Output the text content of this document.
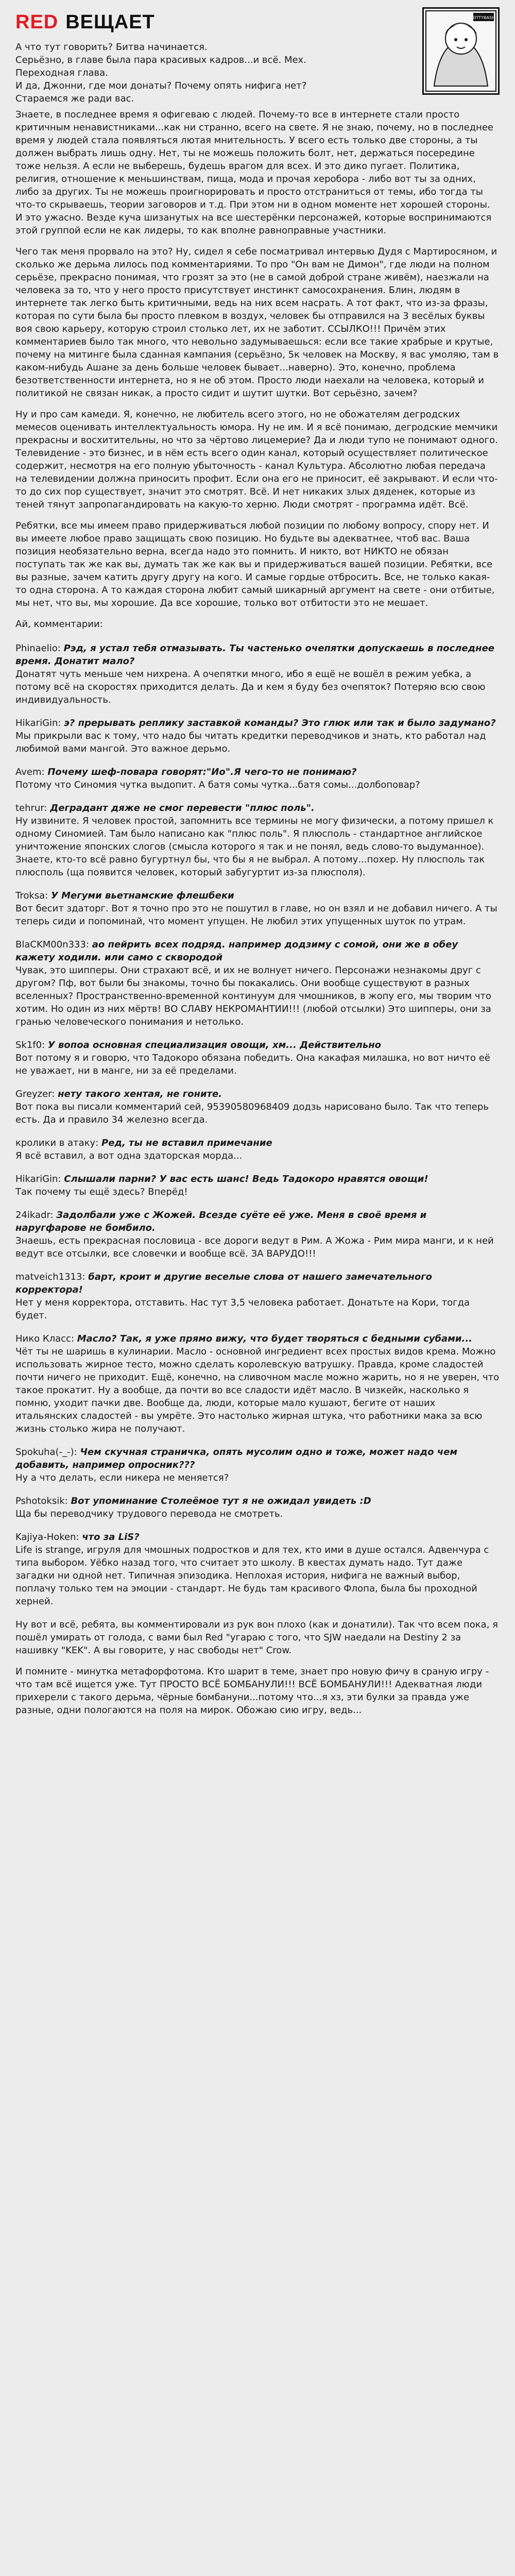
RED ВЕЩАЕТ
А что тут говорить? Битва начинается.
Серьёзно, в главе была пара красивых кадров...и всё. Мех.
Переходная глава.
И да, Джонни, где мои донаты? Почему опять нифига нет?
Стараемся же ради вас.
KITTYBASH

Знаете, в последнее время я офигеваю с людей. Почему-то все в интернете стали просто критичным ненавистниками...как ни странно, всего на свете. Я не знаю, почему, но в последнее время у людей стала появляться лютая мнительность. У всего есть только две стороны, а ты должен выбрать лишь одну. Нет, ты не можешь положить болт, нет, держаться посередине тоже нельзя. А если не выберешь, будешь врагом для всех. И это дико пугает. Политика, религия, отношение к меньшинствам, пища, мода и прочая херобора - либо вот ты за одних, либо за других. Ты не можешь проигнорировать и просто отстраниться от темы, ибо тогда ты что-то скрываешь, теории заговоров и т.д. При этом ни в одном моменте нет хорошей стороны. И это ужасно. Везде куча шизанутых на все шестерёнки персонажей, которые воспринимаются этой группой если не как лидеры, то как вполне равноправные участники.

Чего так меня прорвало на это? Ну, сидел я себе посматривал интервью Дудя с Мартиросяном, и сколько же дерьма лилось под комментариями. То про "Он вам не Димон", где люди на полном серьёзе, прекрасно понимая, что грозят за это (не в самой доброй стране живём), наезжали на человека за то, что у него просто присутствует инстинкт самосохранения. Блин, людям в интернете так легко быть критичными, ведь на них всем насрать. А тот факт, что из-за фразы, которая по сути была бы просто плевком в воздух, человек бы отправился на 3 весёлых буквы воя свою карьеру, которую строил столько лет, их не заботит. ССЫЛКО!!! Причём этих комментариев было так много, что невольно задумываешься: если все такие храбрые и крутые, почему на митинге была сданная кампания (серьёзно, 5к человек на Москву, я вас умоляю, там в каком-нибудь Ашане за день больше человек бывает...наверно). Это, конечно, проблема безответственности интернета, но я не об этом. Просто люди наехали на человека, который и политикой не связан никак, а просто сидит и шутит шутки. Вот серьёзно, зачем?

Ну и про сам камеди. Я, конечно, не любитель всего этого, но не обожателям дегродских мемесов оценивать интеллектуальность юмора. Ну не им. И я всё понимаю, дегродские мемчики прекрасны и восхитительны, но что за чёртово лицемерие? Да и люди тупо не понимают одного. Телевидение - это бизнес, и в нём есть всего один канал, который осуществляет политическое содержит, несмотря на его полную убыточность - канал Культура. Абсолютно любая передача на телевидении должна приносить профит. Если она его не приносит, её закрывают. И если что-то до сих пор существует, значит это смотрят. Всё. И нет никаких злых дяденек, которые из теней тянут запропагандировать на какую-то херню. Люди смотрят - программа идёт. Всё.

Ребятки, все мы имеем право придерживаться любой позиции по любому вопросу, спору нет. И вы имеете любое право защищать свою позицию. Но будьте вы адекватнее, чтоб вас. Ваша позиция необязательно верна, всегда надо это помнить. И никто, вот НИКТО не обязан поступать так же как вы, думать так же как вы и придерживаться вашей позиции. Ребятки, все вы разные, зачем катить другу другу на кого. И самые гордые отбросить. Все, не только какая-то одна сторона. А то каждая сторона любит самый шикарный аргумент на свете - они отбитые, мы нет, что вы, мы хорошие. Да все хорошие, только вот отбитости это не мешает.

Ай, комментарии:
Phinaelio: Рэд, я устал тебя отмазывать. Ты частенько очепятки допускаешь в последнее время. Донатит мало?
Донатят чуть меньше чем нихрена. А очепятки много, ибо я ещё не вошёл в режим уебка, а потому всё на скоростях приходится делать. Да и кем я буду без очепяток? Потеряю всю свою индивидуальность.
HikariGin: э? прерывать реплику заставкой команды? Это глюк или так и было задумано?
Мы прикрыли вас к тому, что надо бы читать кредитки переводчиков и знать, кто работал над любимой вами мангой. Это важное дерьмо.
Avem: Почему шеф-повара говорят:"Ио".Я чего-то не понимаю?
Потому что Синомия чутка выдопит. А батя сомы чутка...батя сомы...долбоповар?
tehrur: Деградант дяже не смог перевести "плюс поль".
Ну извините. Я человек простой, запомнить все термины не могу физически, а потому пришел к одному Синомией. Там было написано как "плюс поль". Я плюсполь - стандартное английское уничтожение японских слогов (смысла которого я так и не понял, ведь слово-то выдуманное). Знаете, кто-то всё равно бугуртнул бы, что бы я не выбрал. А потому...похер. Ну плюсполь так плюсполь (ща появится человек, который забугуртит из-за плюсполя).
Troksa: У Мегуми вьетнамские флешбеки
Вот бесит здаторг. Вот я точно про это не пошутил в главе, но он взял и не добавил ничего. А ты теперь сиди и попоминай, что момент упущен. Не любил этих упущенных шуток по утрам.
BlaCKM00n333: ао пейрить всех подряд. например додзиму с сомой, они же в обеу кажету ходили. или само с сквородой
Чувак, это шипперы. Они страхают всё, и их не волнует ничего. Персонажи незнакомы друг с другом? Пф, вот были бы знакомы, точно бы покакались. Они вообще существуют в разных вселенных? Пространственно-временной континуум для чмошников, в жопу его, мы творим что хотим. Но один из них мёртв! ВО СЛАВУ НЕКРОМАНТИИ!!! (любой отсылки) Это шипперы, они за гранью человеческого понимания и нетолько.
Sk1f0: У вопоа основная специализация овощи, хм... Действительно
Вот потому я и говорю, что Тадокоро обязана победить. Она какафая милашка, но вот ничто её не уважает, ни в манге, ни за её пределами.
Greyzer: нету такого хентая, не гоните.
Вот пока вы писали комментарий сей, 95390580968409 додзь нарисовано было. Так что теперь есть. Да и правило 34 железно всегда.
кролики в атаку: Ред, ты не вставил примечание
Я всё вставил, а вот одна здаторская морда...
HikariGin: Слышали парни? У вас есть шанс! Ведь Тадокоро нравятся овощи!
Так почему ты ещё здесь? Вперёд!
24ikadr: Задолбали уже с Жожей. Всезде суёте её уже. Меня в своё время и наругфарове не бомбило.
Знаешь, есть прекрасная пословица - все дороги ведут в Рим. А Жожа - Рим мира манги, и к ней ведут все отсылки, все словечки и вообще всё. ЗА ВАРУДО!!!
matveich1313: барт, кроит и другие веселые слова от нашего замечательного корректора!
Нет у меня корректора, отставить. Нас тут 3,5 человека работает. Донатьте на Кори, тогда будет.
Нико Класс: Масло? Так, я уже прямо вижу, что будет творяться с бедными субами...
Чёт ты не шаришь в кулинарии. Масло - основной ингредиент всех простых видов крема. Можно использовать жирное тесто, можно сделать королевскую ватрушку. Правда, кроме сладостей почти ничего не приходит. Ещё, конечно, на сливочном масле можно жарить, но я не уверен, что такое прокатит. Ну а вообще, да почти во все сладости идёт масло. В чизкейк, насколько я помню, уходит пачки две. Вообще да, люди, которые мало кушают, бегите от наших итальянских сладостей - вы умрёте. Это настолько жирная штука, что работники мака за всю жизнь столько жира не получают.
Spokuha(-_-): Чем скучная страничка, опять мусолим одно и тоже, может надо чем добавить, например опросник???
Ну а что делать, если никера не меняется?
Pshotoksik: Вот упоминание Столеёмое тут я не ожидал увидеть :D
Ща бы переводчику трудового перевода не смотреть.
Kajiya-Hoken: что за LiS?
Life is strange, игруля для чмошных подростков и для тех, кто ими в душе остался. Адвенчура с типа выбором. Уёбко назад того, что считает это школу. В квестах думать надо. Тут даже загадки ни одной нет. Типичная эпизодика. Неплохая история, нифига не важный выбор, поплачу только тем на эмоции - стандарт. Не будь там красивого Флопа, была бы проходной херней.
Ну вот и всё, ребята, вы комментировали из рук вон плохо (как и донатили). Так что всем пока, я пошёл умирать от голода, с вами был Red "угараю с того, что SJW наедали на Destiny 2 за нашивку "KEK". А вы говорите, у нас свободы нет" Crow.
И помните - минутка метафорфотома. Кто шарит в теме, знает про новую фичу в сраную игру - что там всё ищется уже. Тут ПРОСТО ВСЁ БОМБАНУЛИ!!! ВСЁ БОМБАНУЛИ!!! Адекватная люди прихерели с такого дерьма, чёрные бомбануни...потому что...я хз, эти булки за правда уже разные, одни пологаются на поля на мирок. Обожаю сию игру, ведь...
